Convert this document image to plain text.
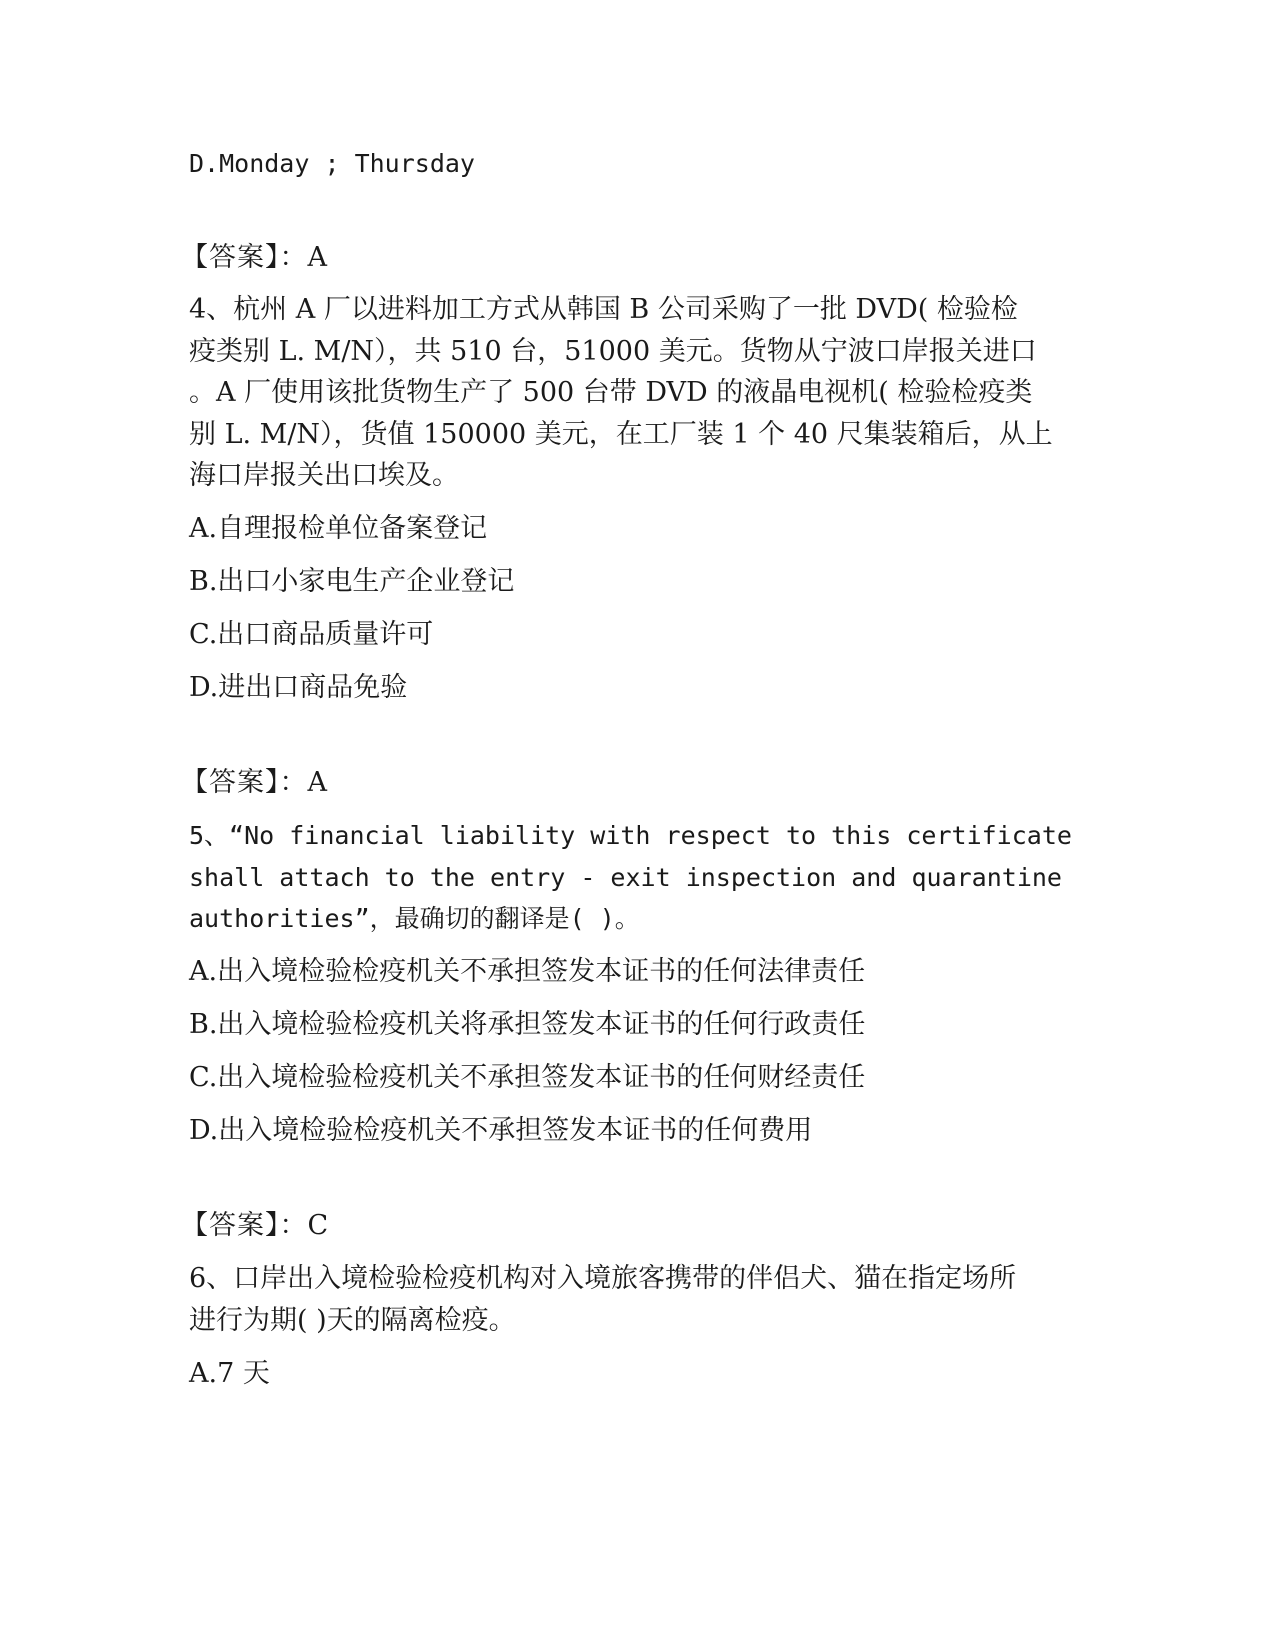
D.Monday ; Thursday
【答案】：A
4、杭州 A 厂以进料加工方式从韩国 B 公司采购了一批 DVD( 检验检
疫类别 L. M/N），共 510 台，51000 美元。货物从宁波口岸报关进口
。A 厂使用该批货物生产了 500 台带 DVD 的液晶电视机( 检验检疫类
别 L. M/N），货值 150000 美元，在工厂装 1 个 40 尺集装箱后，从上
海口岸报关出口埃及。
A.自理报检单位备案登记
B.出口小家电生产企业登记
C.出口商品质量许可
D.进出口商品免验
【答案】：A
5、“No financial liability with respect to this certificate
shall attach to the entry - exit inspection and quarantine
authorities”，最确切的翻译是( )。
A.出入境检验检疫机关不承担签发本证书的任何法律责任
B.出入境检验检疫机关将承担签发本证书的任何行政责任
C.出入境检验检疫机关不承担签发本证书的任何财经责任
D.出入境检验检疫机关不承担签发本证书的任何费用
【答案】：C
6、口岸出入境检验检疫机构对入境旅客携带的伴侣犬、猫在指定场所
进行为期( )天的隔离检疫。
A.7 天
